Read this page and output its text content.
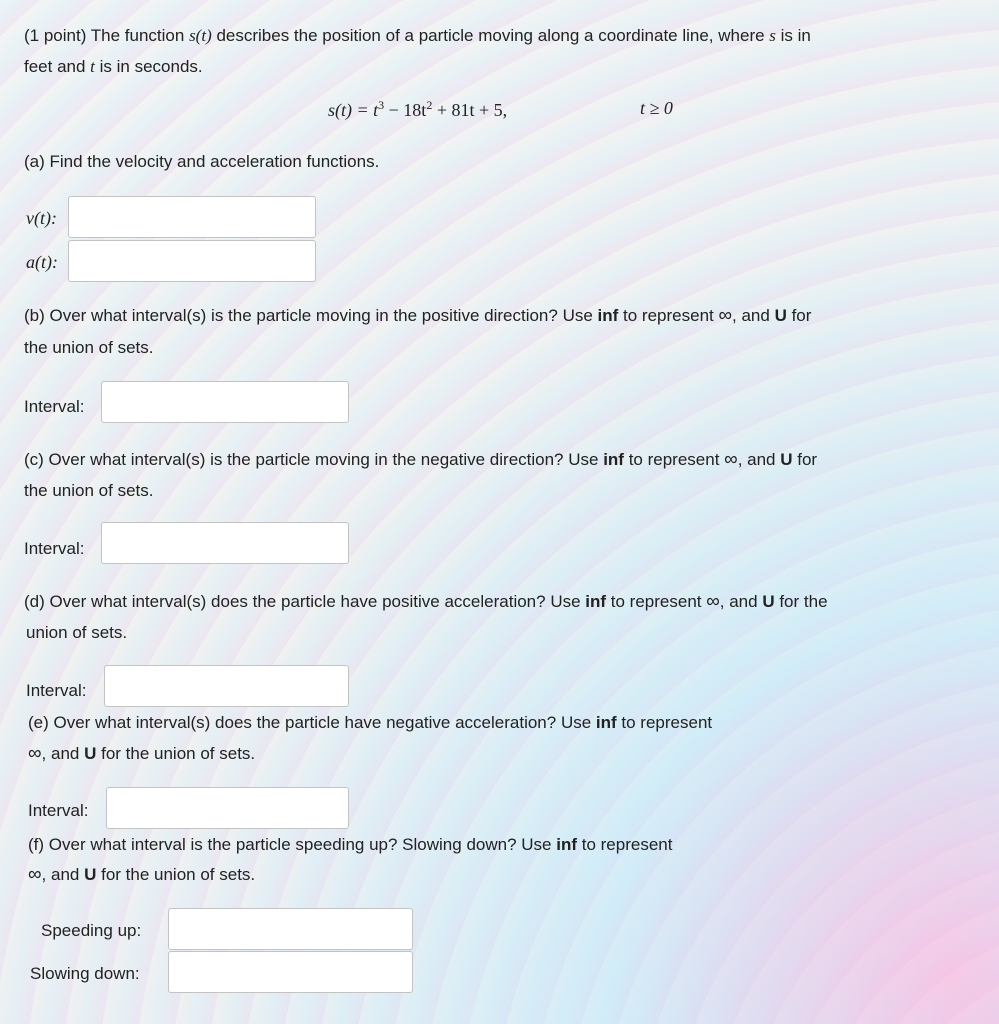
(1 point) The function s(t) describes the position of a particle moving along a coordinate line, where s is in
feet and t is in seconds.
$s(t) = t^3 - 18t^2 + 81t + 5$,	t ≥ 0
(a) Find the velocity and acceleration functions.
v(t):
a(t):
(b) Over what interval(s) is the particle moving in the positive direction? Use inf to represent ∞, and U for
the union of sets.
Interval:
(c) Over what interval(s) is the particle moving in the negative direction? Use inf to represent ∞, and U for
the union of sets.
Interval:
(d) Over what interval(s) does the particle have positive acceleration? Use inf to represent ∞, and U for the
union of sets.
Interval:
(e) Over what interval(s) does the particle have negative acceleration? Use inf to represent
∞, and U for the union of sets.
Interval:
(f) Over what interval is the particle speeding up? Slowing down? Use inf to represent
∞, and U for the union of sets.
Speeding up:
Slowing down:
